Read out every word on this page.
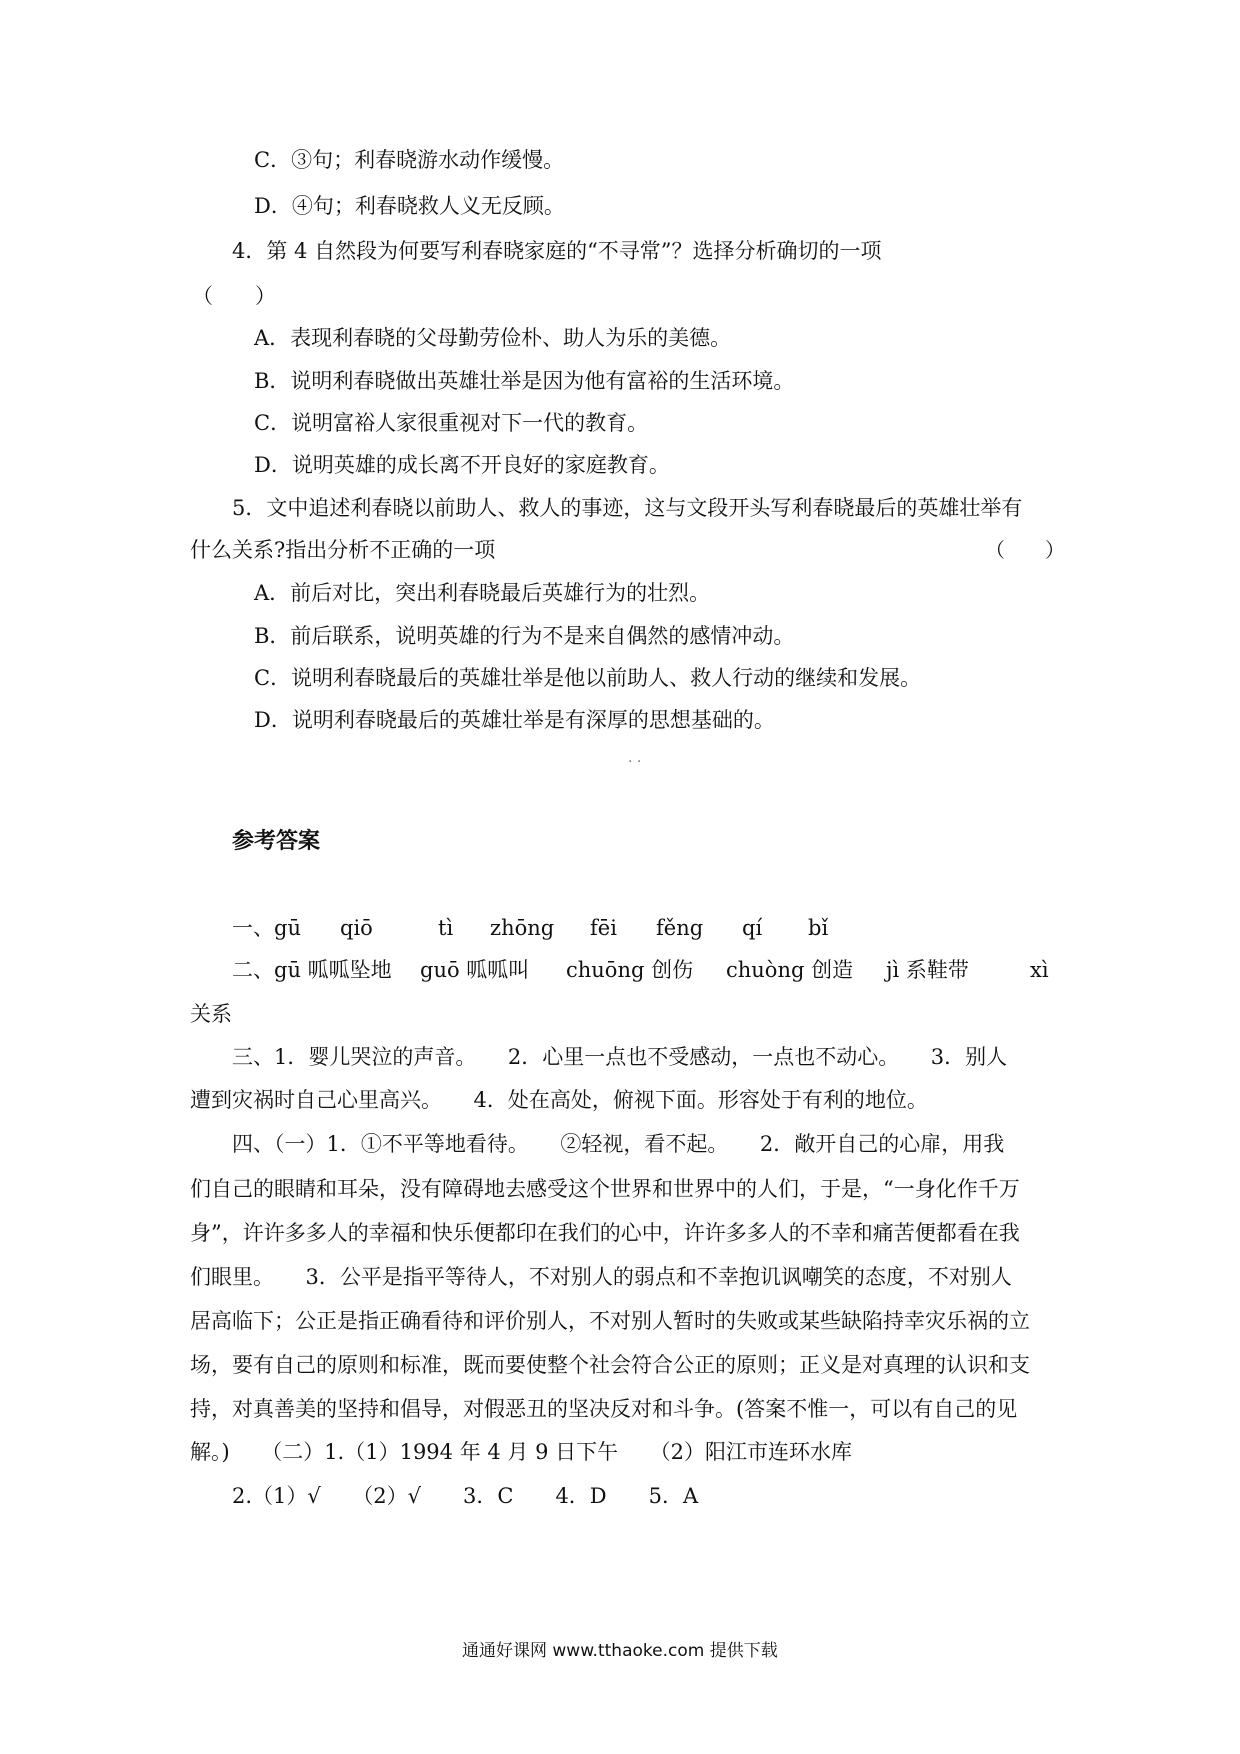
C．③句；利春晓游水动作缓慢。
D．④句；利春晓救人义无反顾。
4．第 4 自然段为何要写利春晓家庭的“不寻常”？选择分析确切的一项
（　　）
A．表现利春晓的父母勤劳俭朴、助人为乐的美德。
B．说明利春晓做出英雄壮举是因为他有富裕的生活环境。
C．说明富裕人家很重视对下一代的教育。
D．说明英雄的成长离不开良好的家庭教育。
5．文中追述利春晓以前助人、救人的事迹，这与文段开头写利春晓最后的英雄壮举有
什么关系?指出分析不正确的一项	（　　）
A．前后对比，突出利春晓最后英雄行为的壮烈。
B．前后联系，说明英雄的行为不是来自偶然的感情冲动。
C．说明利春晓最后的英雄壮举是他以前助人、救人行动的继续和发展。
D．说明利春晓最后的英雄壮举是有深厚的思想基础的。
· ·
参考答案
一、gū qiō	tì zhōng fēi fěng qí bǐ
二、gū 呱呱坠地 guō 呱呱叫 chuōng 创伤 chuòng 创造 jì 系鞋带	xì
关系
三、1．婴儿哭泣的声音。　　2．心里一点也不受感动，一点也不动心。　　3．别人
遭到灾祸时自己心里高兴。　　4．处在高处，俯视下面。形容处于有利的地位。
四、（一）1．①不平等地看待。　　②轻视，看不起。　　2．敞开自己的心扉，用我
们自己的眼睛和耳朵，没有障碍地去感受这个世界和世界中的人们，于是，“一身化作千万
身”，许许多多人的幸福和快乐便都印在我们的心中，许许多多人的不幸和痛苦便都看在我
们眼里。　　3．公平是指平等待人，不对别人的弱点和不幸抱讥讽嘲笑的态度，不对别人
居高临下；公正是指正确看待和评价别人，不对别人暂时的失败或某些缺陷持幸灾乐祸的立
场，要有自己的原则和标准，既而要使整个社会符合公正的原则；正义是对真理的认识和支
持，对真善美的坚持和倡导，对假恶丑的坚决反对和斗争。(答案不惟一，可以有自己的见
解。)　　（二）1.（1）1994 年 4 月 9 日下午　　（2）阳江市连环水库
2.（1）√　　（2）√　　3．C　　4．D　　5．A
通通好课网 www.tthaoke.com 提供下载
